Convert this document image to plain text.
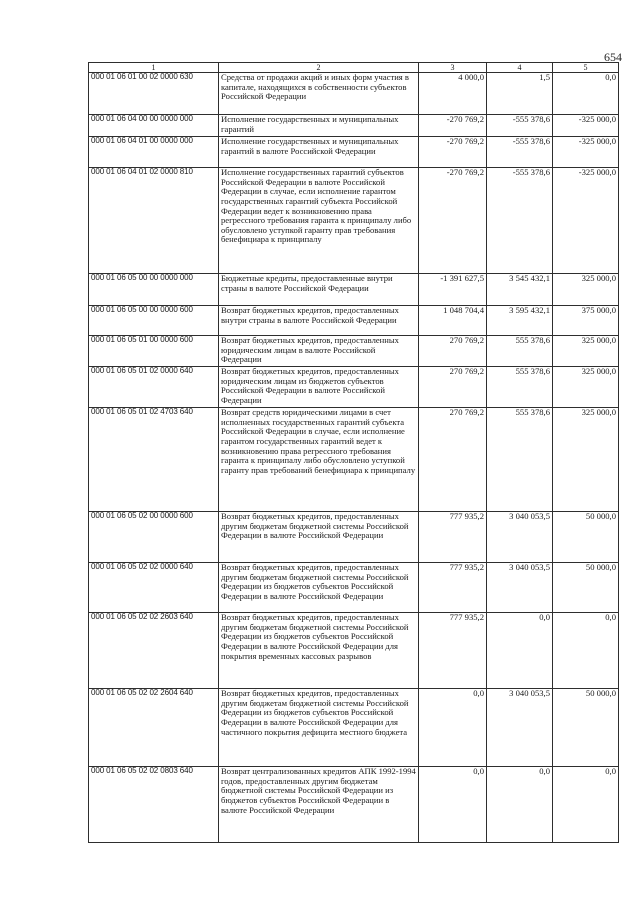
654
1	2	3	4	5
000 01 06 01 00 02 0000 630	Средства от продажи акций и иных форм участия в капитале, находящихся в собственности субъектов Российской Федерации	4 000,0	1,5	0,0
000 01 06 04 00 00 0000 000	Исполнение государственных и муниципальных гарантий	-270 769,2	-555 378,6	-325 000,0
000 01 06 04 01 00 0000 000	Исполнение государственных и муниципальных гарантий в валюте Российской Федерации	-270 769,2	-555 378,6	-325 000,0
000 01 06 04 01 02 0000 810	Исполнение государственных гарантий субъектов Российской Федерации в валюте Российской Федерации в случае, если исполнение гарантом государственных гарантий субъекта Российской Федерации ведет к возникновению права регрессного требования гаранта к принципалу либо обусловлено уступкой гаранту прав требования бенефициара к принципалу	-270 769,2	-555 378,6	-325 000,0
000 01 06 05 00 00 0000 000	Бюджетные кредиты, предоставленные внутри страны в валюте Российской Федерации	-1 391 627,5	3 545 432,1	325 000,0
000 01 06 05 00 00 0000 600	Возврат бюджетных кредитов, предоставленных внутри страны в валюте Российской Федерации	1 048 704,4	3 595 432,1	375 000,0
000 01 06 05 01 00 0000 600	Возврат бюджетных кредитов, предоставленных юридическим лицам в валюте Российской Федерации	270 769,2	555 378,6	325 000,0
000 01 06 05 01 02 0000 640	Возврат бюджетных кредитов, предоставленных юридическим лицам из бюджетов субъектов Российской Федерации в валюте Российской Федерации	270 769,2	555 378,6	325 000,0
000 01 06 05 01 02 4703 640	Возврат средств юридическими лицами в счет исполненных государственных гарантий субъекта Российской Федерации в случае, если исполнение гарантом государственных гарантий ведет к возникновению права регрессного требования гаранта к принципалу либо обусловлено уступкой гаранту прав требований бенефициара к принципалу	270 769,2	555 378,6	325 000,0
000 01 06 05 02 00 0000 600	Возврат бюджетных кредитов, предоставленных другим бюджетам бюджетной системы Российской Федерации в валюте Российской Федерации	777 935,2	3 040 053,5	50 000,0
000 01 06 05 02 02 0000 640	Возврат бюджетных кредитов, предоставленных другим бюджетам бюджетной системы Российской Федерации из бюджетов субъектов Российской Федерации в валюте Российской Федерации	777 935,2	3 040 053,5	50 000,0
000 01 06 05 02 02 2603 640	Возврат бюджетных кредитов, предоставленных другим бюджетам бюджетной системы Российской Федерации из бюджетов субъектов Российской Федерации в валюте Российской Федерации для покрытия временных кассовых разрывов	777 935,2	0,0	0,0
000 01 06 05 02 02 2604 640	Возврат бюджетных кредитов, предоставленных другим бюджетам бюджетной системы Российской Федерации из бюджетов субъектов Российской Федерации в валюте Российской Федерации для частичного покрытия дефицита местного бюджета	0,0	3 040 053,5	50 000,0
000 01 06 05 02 02 0803 640	Возврат централизованных кредитов АПК 1992-1994 годов, предоставленных другим бюджетам бюджетной системы Российской Федерации из бюджетов субъектов Российской Федерации в валюте Российской Федерации	0,0	0,0	0,0
